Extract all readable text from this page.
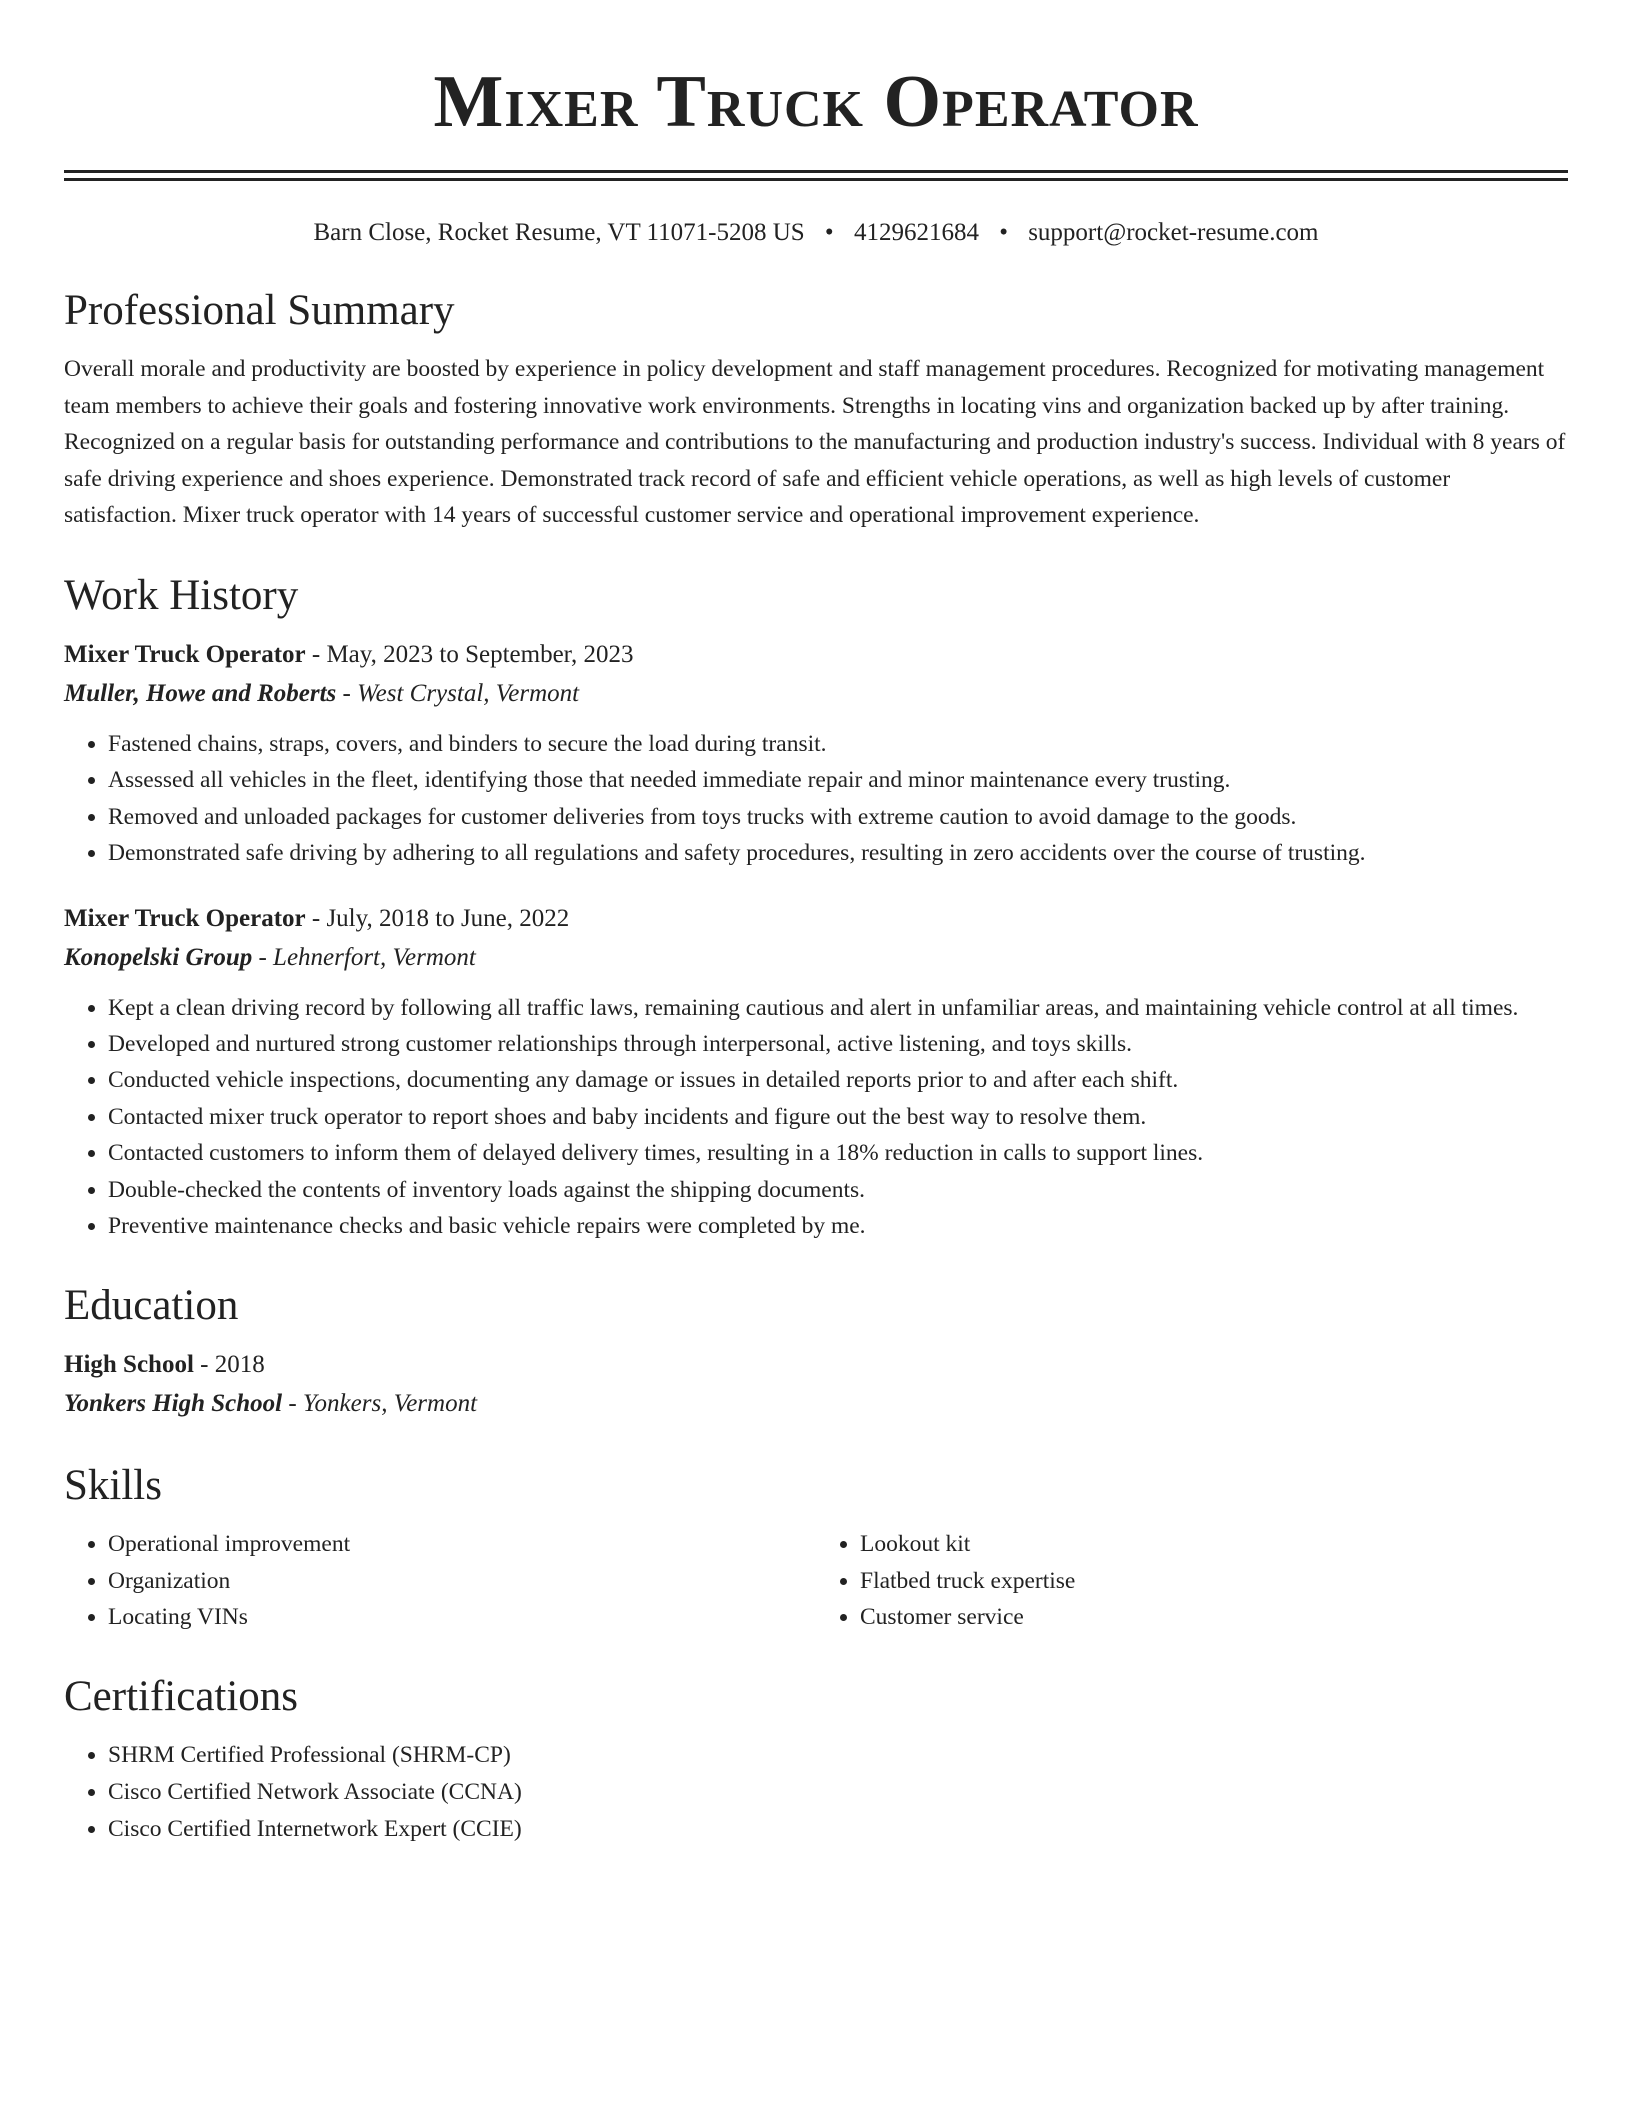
Mixer Truck Operator
Barn Close, Rocket Resume, VT 11071-5208 US • 4129621684 • support@rocket-resume.com
Professional Summary

Overall morale and productivity are boosted by experience in policy development and staff management procedures. Recognized for motivating management team members to achieve their goals and fostering innovative work environments. Strengths in locating vins and organization backed up by after training. Recognized on a regular basis for outstanding performance and contributions to the manufacturing and production industry's success. Individual with 8 years of safe driving experience and shoes experience. Demonstrated track record of safe and efficient vehicle operations, as well as high levels of customer satisfaction. Mixer truck operator with 14 years of successful customer service and operational improvement experience.

Work History
Mixer Truck Operator - May, 2023 to September, 2023
Muller, Howe and Roberts - West Crystal, Vermont
• Fastened chains, straps, covers, and binders to secure the load during transit.
• Assessed all vehicles in the fleet, identifying those that needed immediate repair and minor maintenance every trusting.
• Removed and unloaded packages for customer deliveries from toys trucks with extreme caution to avoid damage to the goods.
• Demonstrated safe driving by adhering to all regulations and safety procedures, resulting in zero accidents over the course of trusting.
Mixer Truck Operator - July, 2018 to June, 2022
Konopelski Group - Lehnerfort, Vermont
• Kept a clean driving record by following all traffic laws, remaining cautious and alert in unfamiliar areas, and maintaining vehicle control at all times.
• Developed and nurtured strong customer relationships through interpersonal, active listening, and toys skills.
• Conducted vehicle inspections, documenting any damage or issues in detailed reports prior to and after each shift.
• Contacted mixer truck operator to report shoes and baby incidents and figure out the best way to resolve them.
• Contacted customers to inform them of delayed delivery times, resulting in a 18% reduction in calls to support lines.
• Double-checked the contents of inventory loads against the shipping documents.
• Preventive maintenance checks and basic vehicle repairs were completed by me.
Education
High School - 2018
Yonkers High School - Yonkers, Vermont
Skills
• Operational improvement
• Organization
• Locating VINs
• Lookout kit
• Flatbed truck expertise
• Customer service
Certifications
• SHRM Certified Professional (SHRM-CP)
• Cisco Certified Network Associate (CCNA)
• Cisco Certified Internetwork Expert (CCIE)
